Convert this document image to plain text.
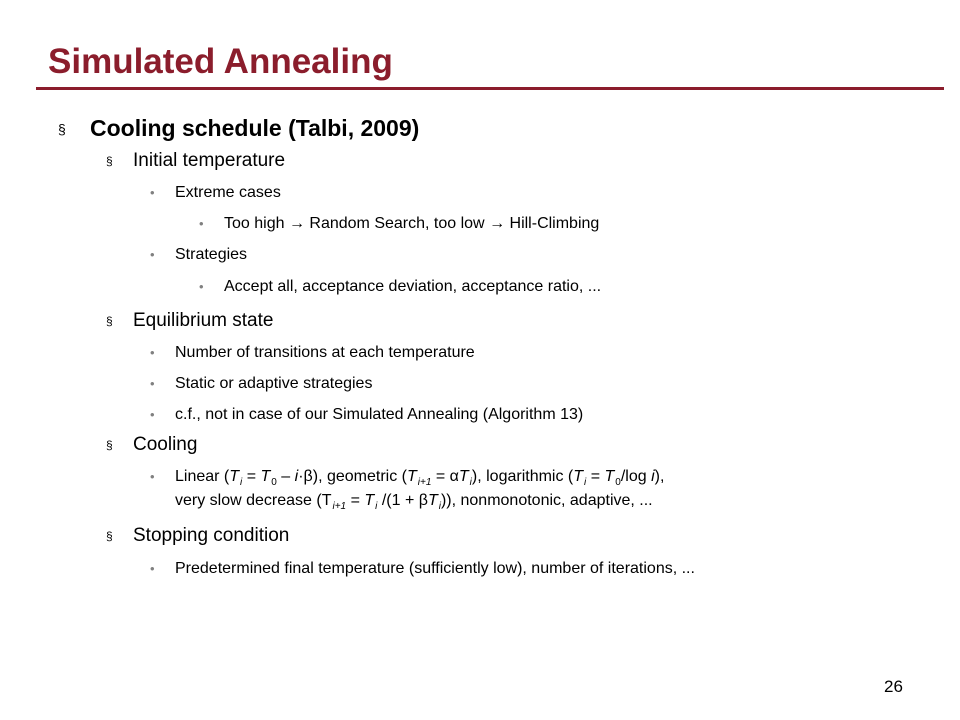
Simulated Annealing
§ Cooling schedule (Talbi, 2009)
§ Initial temperature
• Extreme cases
• Too high → Random Search, too low → Hill-Climbing
• Strategies
• Accept all, acceptance deviation, acceptance ratio, ...
§ Equilibrium state
• Number of transitions at each temperature
• Static or adaptive strategies
• c.f., not in case of our Simulated Annealing (Algorithm 13)
§ Cooling
• Linear $(T_i = T_0 - i\cdot\beta)$, geometric $(T_{i+1} = \alpha T_i)$, logarithmic ($T_i = T_0/\log$ i),
very slow decrease ($T_{i+1} = T_i$ $/(1 + \beta T_i)$), nonmonotonic, adaptive, ...
§ Stopping condition
• Predetermined final temperature (sufficiently low), number of iterations, ...
26
